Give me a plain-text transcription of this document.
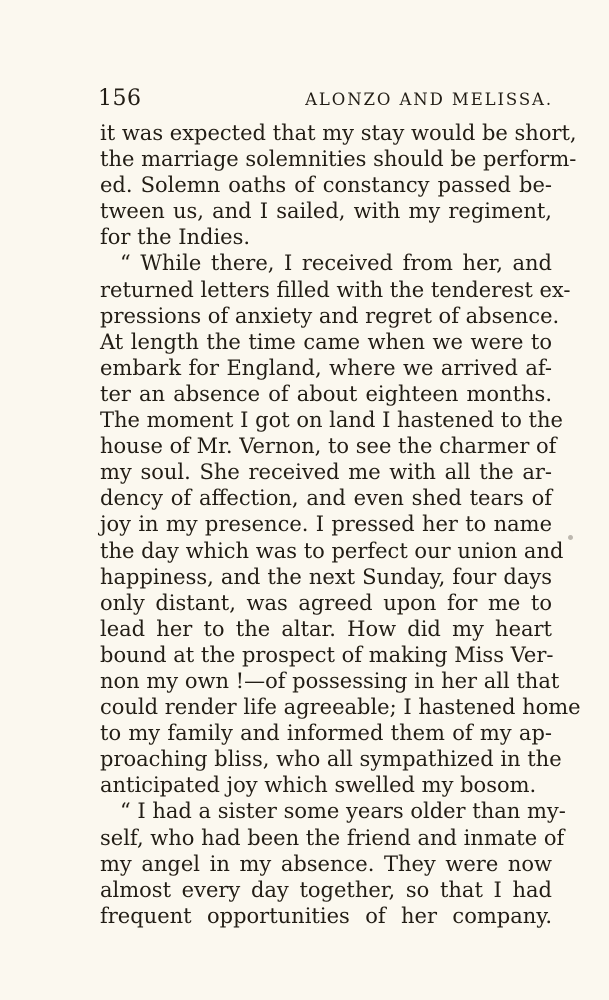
156	ALONZO AND MELISSA.
it was expected that my stay would be short,
the marriage solemnities should be perform-
ed. Solemn oaths of constancy passed be-
tween us, and I sailed, with my regiment,
for the Indies.
“ While there, I received from her, and
returned letters filled with the tenderest ex-
pressions of anxiety and regret of absence.
At length the time came when we were to
embark for England, where we arrived af-
ter an absence of about eighteen months.
The moment I got on land I hastened to the
house of Mr. Vernon, to see the charmer of
my soul. She received me with all the ar-
dency of affection, and even shed tears of
joy in my presence. I pressed her to name
the day which was to perfect our union and
happiness, and the next Sunday, four days
only distant, was agreed upon for me to
lead her to the altar. How did my heart
bound at the prospect of making Miss Ver-
non my own !—of possessing in her all that
could render life agreeable; I hastened home
to my family and informed them of my ap-
proaching bliss, who all sympathized in the
anticipated joy which swelled my bosom.
“ I had a sister some years older than my-
self, who had been the friend and inmate of
my angel in my absence. They were now
almost every day together, so that I had
frequent opportunities of her company.
